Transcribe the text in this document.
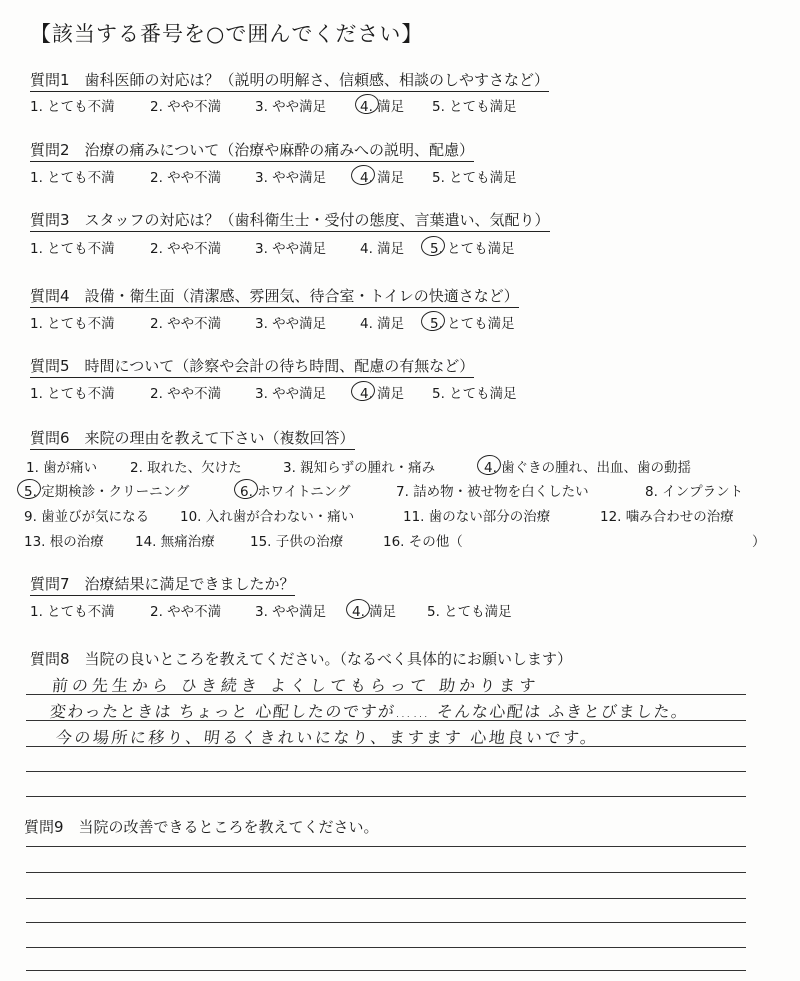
【該当する番号を○で囲んでください】
質問1　歯科医師の対応は？（説明の明解さ、信頼感、相談のしやすさなど）
1. とても不満	2. やや不満	3. やや満足	4. 満足 5. とても満足
質問2　治療の痛みについて（治療や麻酔の痛みへの説明、配慮）
1. とても不満	2. やや不満	3. やや満足	4. 満足 5. とても満足
質問3　スタッフの対応は？（歯科衛生士・受付の態度、言葉遣い、気配り）
1. とても不満	2. やや不満	3. やや満足	4. 満足 5. とても満足
質問4　設備・衛生面（清潔感、雰囲気、待合室・トイレの快適さなど）
1. とても不満	2. やや不満	3. やや満足	4. 満足 5. とても満足
質問5　時間について（診察や会計の待ち時間、配慮の有無など）
1. とても不満	2. やや不満	3. やや満足	4. 満足 5. とても満足
質問6　来院の理由を教えて下さい（複数回答）
1. 歯が痛い 2. 取れた、欠けた	3. 親知らずの腫れ・痛み	4. 歯ぐきの腫れ、出血、歯の動揺
5. 定期検診・クリーニング	6. ホワイトニング	7. 詰め物・被せ物を白くしたい	8. インプラント
9. 歯並びが気になる 10. 入れ歯が合わない・痛い	11. 歯のない部分の治療	12. 噛み合わせの治療
13. 根の治療 14. 無痛治療	15. 子供の治療	16. その他（	）
質問7　治療結果に満足できましたか？
1. とても不満	2. やや不満	3. やや満足 4. 満足 5. とても満足
質問8　当院の良いところを教えてください。（なるべく具体的にお願いします）
前の先生から ひき続き よくしてもらって 助かります
変わったときは ちょっと 心配したのですが…… そんな心配は ふきとびました。
今の場所に移り、明るくきれいになり、ますます 心地良いです。
質問9　当院の改善できるところを教えてください。
